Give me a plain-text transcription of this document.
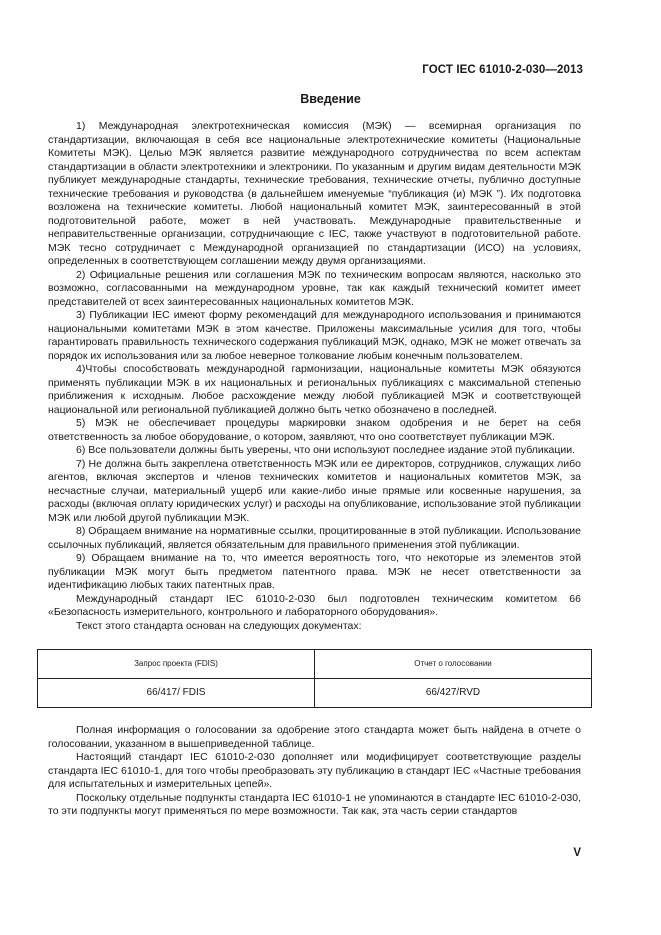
ГОСТ IEC 61010-2-030—2013
Введение

1) Международная электротехническая комиссия (МЭК) — всемирная организация по стандартизации, включающая в себя все национальные электротехнические комитеты (Национальные Комитеты МЭК). Целью МЭК является развитие международного сотрудничества по всем аспектам стандартизации в области электротехники и электроники. По указанным и другим видам деятельности МЭК публикует международные стандарты, технические требования, технические отчеты, публично доступные технические требования и руководства (в дальнейшем именуемые “публикация (и) МЭК ”). Их подготовка возложена на технические комитеты. Любой национальный комитет МЭК, заинтересованный в этой подготовительной работе, может в ней участвовать. Международные правительственные и неправительственные организации, сотрудничающие с IEC, также участвуют в подготовительной работе. МЭК тесно сотрудничает с Международной организацией по стандартизации (ИСО) на условиях, определенных в соответствующем соглашении между двумя организациями.

2) Официальные решения или соглашения МЭК по техническим вопросам являются, насколько это возможно, согласованными на международном уровне, так как каждый технический комитет имеет представителей от всех заинтересованных национальных комитетов МЭК.

3) Публикации IEC имеют форму рекомендаций для международного использования и принимаются национальными комитетами МЭК в этом качестве. Приложены максимальные усилия для того, чтобы гарантировать правильность технического содержания публикаций МЭК, однако, МЭК не может отвечать за порядок их использования или за любое неверное толкование любым конечным пользователем.

4)Чтобы способствовать международной гармонизации, национальные комитеты МЭК обязуются применять публикации МЭК в их национальных и региональных публикациях с максимальной степенью приближения к исходным. Любое расхождение между любой публикацией МЭК и соответствующей национальной или региональной публикацией должно быть четко обозначено в последней.

5) МЭК не обеспечивает процедуры маркировки знаком одобрения и не берет на себя ответственность за любое оборудование, о котором, заявляют, что оно соответствует публикации МЭК.

6) Все пользователи должны быть уверены, что они используют последнее издание этой публикации.

7) Не должна быть закреплена ответственность МЭК или ее директоров, сотрудников, служащих либо агентов, включая экспертов и членов технических комитетов и национальных комитетов МЭК, за несчастные случаи, материальный ущерб или какие-либо иные прямые или косвенные нарушения, за расходы (включая оплату юридических услуг) и расходы на опубликование, использование этой публикации МЭК или любой другой публикации МЭК.

8) Обращаем внимание на нормативные ссылки, процитированные в этой публикации. Использование ссылочных публикаций, является обязательным для правильного применения этой публикации.

9) Обращаем внимание на то, что имеется вероятность того, что некоторые из элементов этой публикации МЭК могут быть предметом патентного права. МЭК не несет ответственности за идентификацию любых таких патентных прав.

Международный стандарт IEC 61010-2-030 был подготовлен техническим комитетом 66 «Безопасность измерительного, контрольного и лабораторного оборудования».

Текст этого стандарта основан на следующих документах:

Запрос проекта (FDIS)	Отчет о голосовании
66/417/ FDIS	66/427/RVD

Полная информация о голосовании за одобрение этого стандарта может быть найдена в отчете о голосовании, указанном в вышеприведенной таблице.

Настоящий стандарт IEC 61010-2-030 дополняет или модифицирует соответствующие разделы стандарта IEC 61010-1, для того чтобы преобразовать эту публикацию в стандарт IEC «Частные требования для испытательных и измерительных цепей».

Поскольку отдельные подпункты стандарта IEC 61010-1 не упоминаются в стандарте IEC 61010-2-030, то эти подпункты могут применяться по мере возможности. Так как, эта часть серии стандартов

V
